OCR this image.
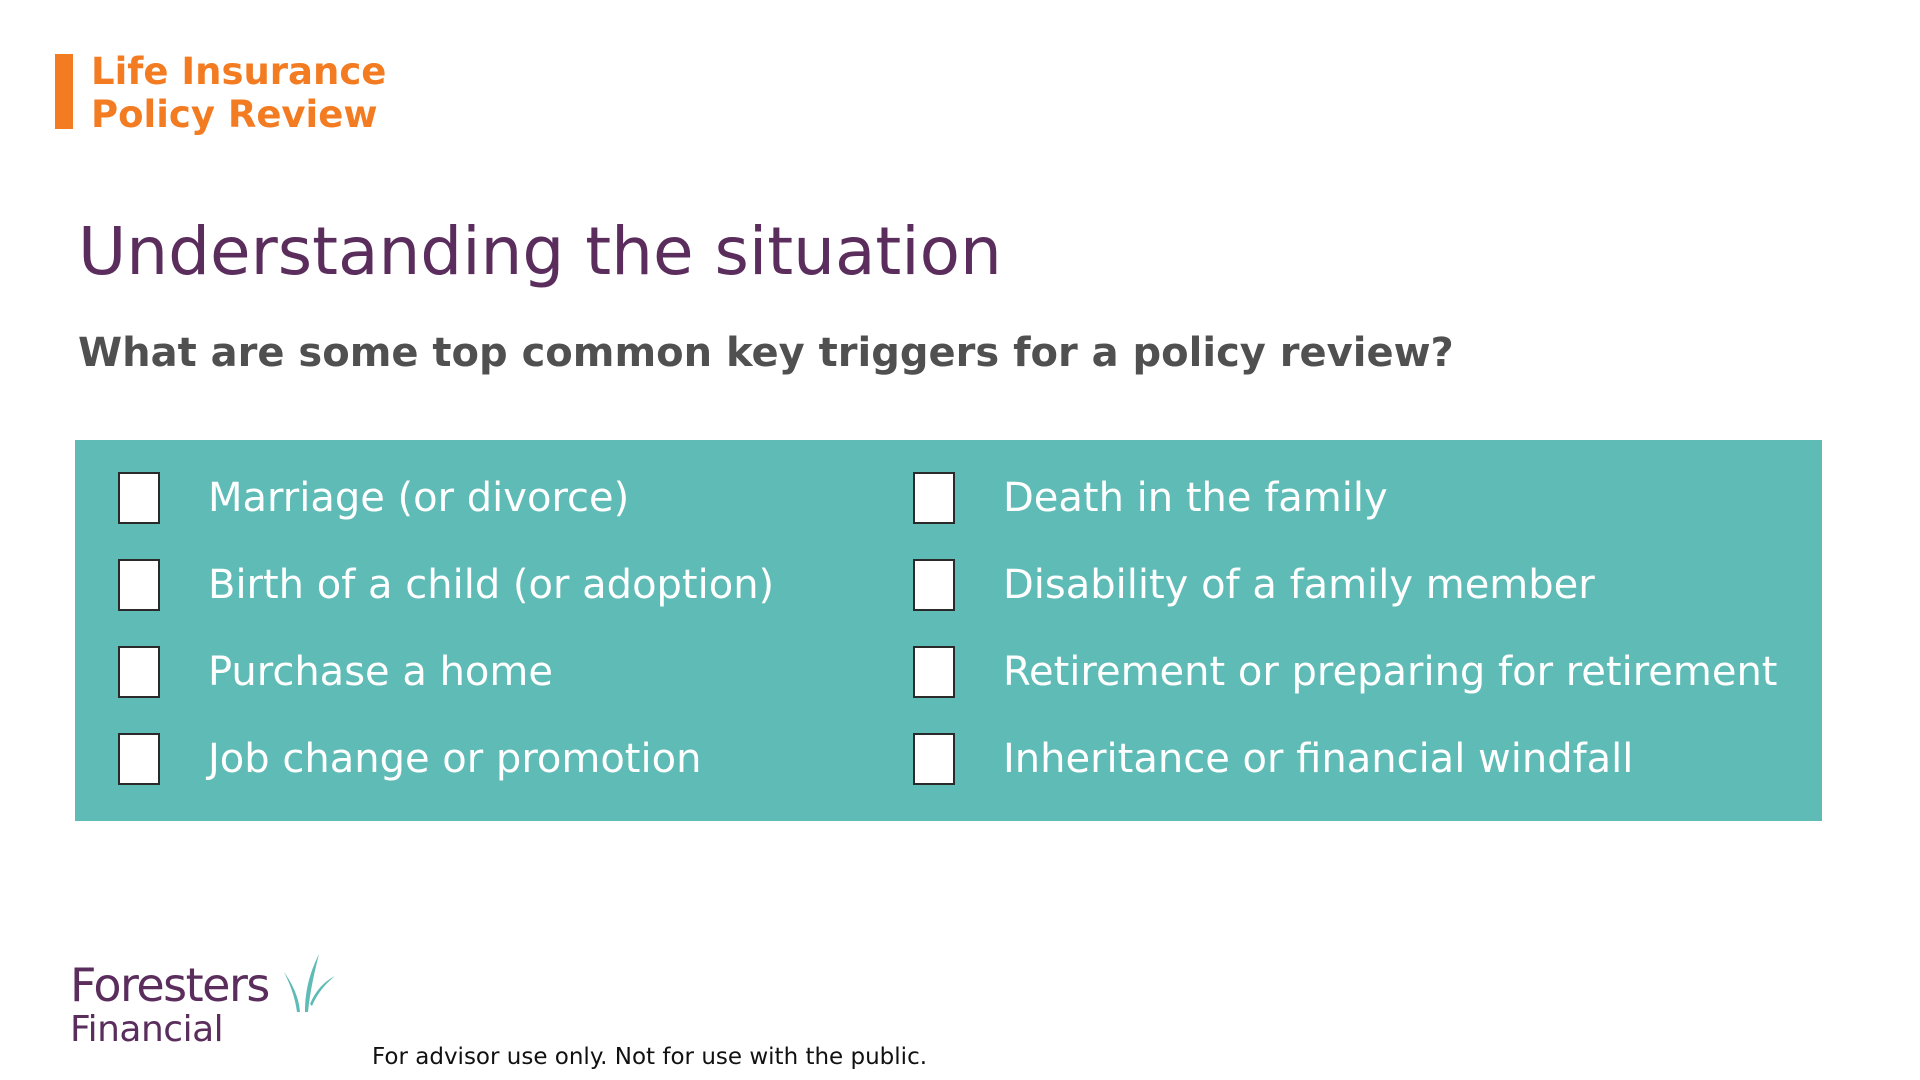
Life Insurance
Policy Review
Understanding the situation

What are some top common key triggers for a policy review?

Marriage (or divorce)
Birth of a child (or adoption)
Purchase a home
Job change or promotion
Death in the family
Disability of a family member
Retirement or preparing for retirement
Inheritance or financial windfall
Foresters
Financial
For advisor use only. Not for use with the public.
